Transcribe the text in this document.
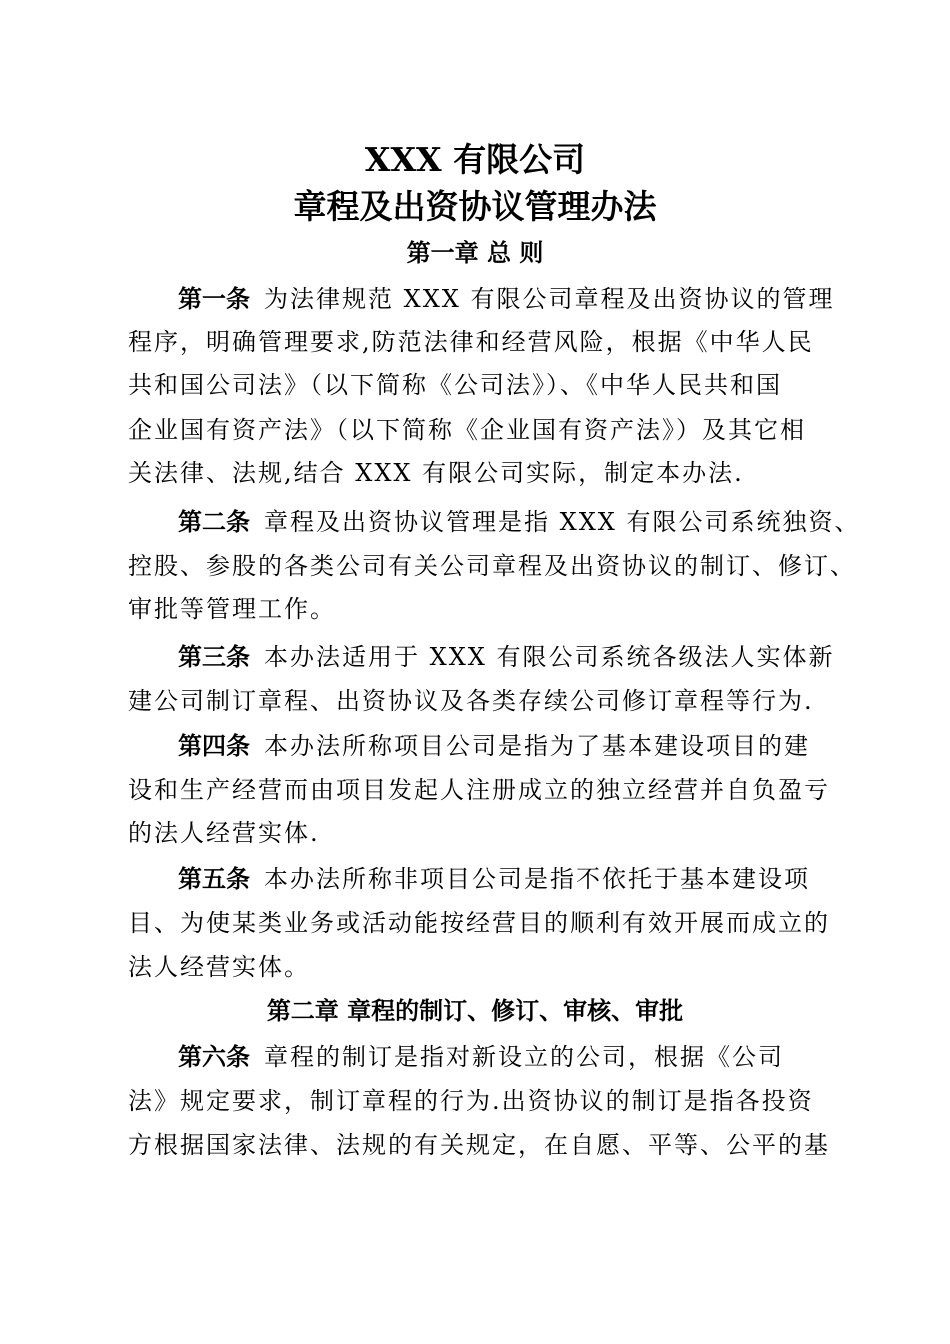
XXX 有限公司
章程及出资协议管理办法
第一章 总 则
第一条 为法律规范 XXX 有限公司章程及出资协议的管理
程序，明确管理要求,防范法律和经营风险，根据《中华人民
共和国公司法》（以下简称《公司法》）、《中华人民共和国
企业国有资产法》（以下简称《企业国有资产法》）及其它相
关法律、法规,结合 XXX 有限公司实际，制定本办法.
第二条 章程及出资协议管理是指 XXX 有限公司系统独资、
控股、参股的各类公司有关公司章程及出资协议的制订、修订、
审批等管理工作。
第三条 本办法适用于 XXX 有限公司系统各级法人实体新
建公司制订章程、出资协议及各类存续公司修订章程等行为.
第四条 本办法所称项目公司是指为了基本建设项目的建
设和生产经营而由项目发起人注册成立的独立经营并自负盈亏
的法人经营实体.
第五条 本办法所称非项目公司是指不依托于基本建设项
目、为使某类业务或活动能按经营目的顺利有效开展而成立的
法人经营实体。
第二章 章程的制订、修订、审核、审批
第六条 章程的制订是指对新设立的公司，根据《公司
法》规定要求，制订章程的行为.出资协议的制订是指各投资
方根据国家法律、法规的有关规定，在自愿、平等、公平的基
